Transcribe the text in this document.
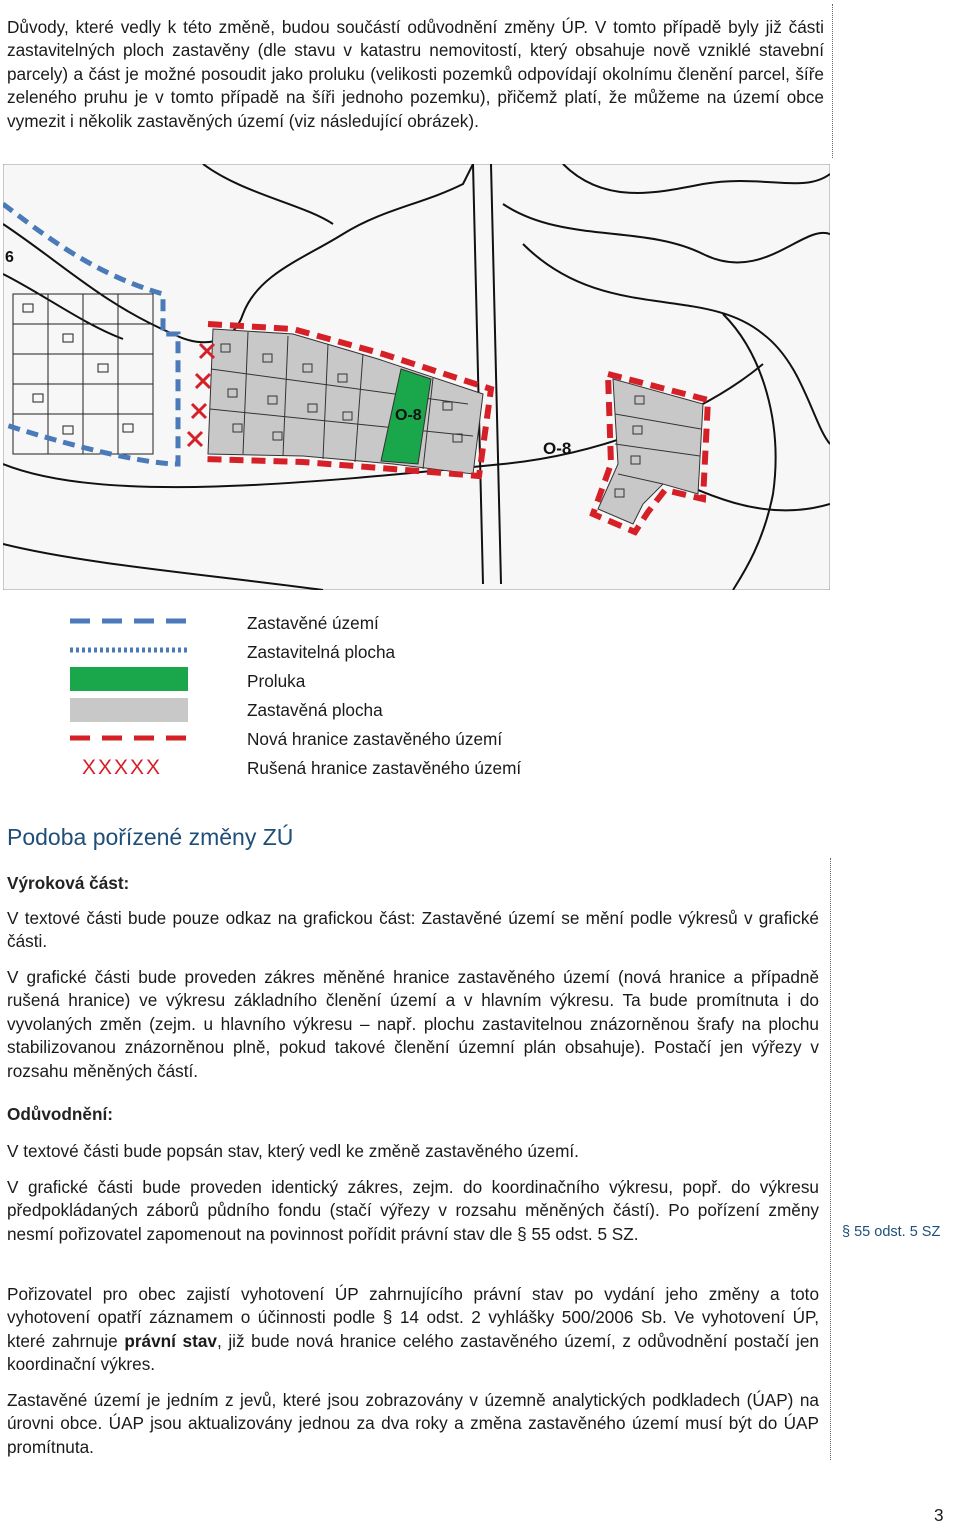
Důvody, které vedly k této změně, budou součástí odůvodnění změny ÚP. V tomto případě byly již části zastavitelných ploch zastavěny (dle stavu v katastru nemovitostí, který obsahuje nově vzniklé stavební parcely) a část je možné posoudit jako proluku (velikosti pozemků odpovídají okolnímu členění parcel, šíře zeleného pruhu je v tomto případě na šíři jednoho pozemku), přičemž platí, že můžeme na území obce vymezit i několik zastavěných území (viz následující obrázek).

O-8
O-8
6
Zastavěné území
Zastavitelná plocha
Proluka
Zastavěná plocha
Nová hranice zastavěného území
XXXXX	Rušená hranice zastavěného území
Podoba pořízené změny ZÚ
Výroková část:

V textové části bude pouze odkaz na grafickou část: Zastavěné území se mění podle výkresů v grafické části.

V grafické části bude proveden zákres měněné hranice zastavěného území (nová hranice a případně rušená hranice) ve výkresu základního členění území a v hlavním výkresu. Ta bude promítnuta i do vyvolaných změn (zejm. u hlavního výkresu – např. plochu zastavitelnou znázorněnou šrafy na plochu stabilizovanou znázorněnou plně, pokud takové členění územní plán obsahuje). Postačí jen výřezy v rozsahu měněných částí.

Odůvodnění:

V textové části bude popsán stav, který vedl ke změně zastavěného území.

V grafické části bude proveden identický zákres, zejm. do koordinačního výkresu, popř. do výkresu předpokládaných záborů půdního fondu (stačí výřezy v rozsahu měněných částí). Po pořízení změny nesmí pořizovatel zapomenout na povinnost pořídit právní stav dle § 55 odst. 5 SZ.

Pořizovatel pro obec zajistí vyhotovení ÚP zahrnujícího právní stav po vydání jeho změny a toto vyhotovení opatří záznamem o účinnosti podle § 14 odst. 2 vyhlášky 500/2006 Sb. Ve vyhotovení ÚP, které zahrnuje právní stav, již bude nová hranice celého zastavěného území, z odůvodnění postačí jen koordinační výkres.

Zastavěné území je jedním z jevů, které jsou zobrazovány v územně analytických podkladech (ÚAP) na úrovni obce. ÚAP jsou aktualizovány jednou za dva roky a změna zastavěného území musí být do ÚAP promítnuta.

§ 55 odst. 5 SZ
3
